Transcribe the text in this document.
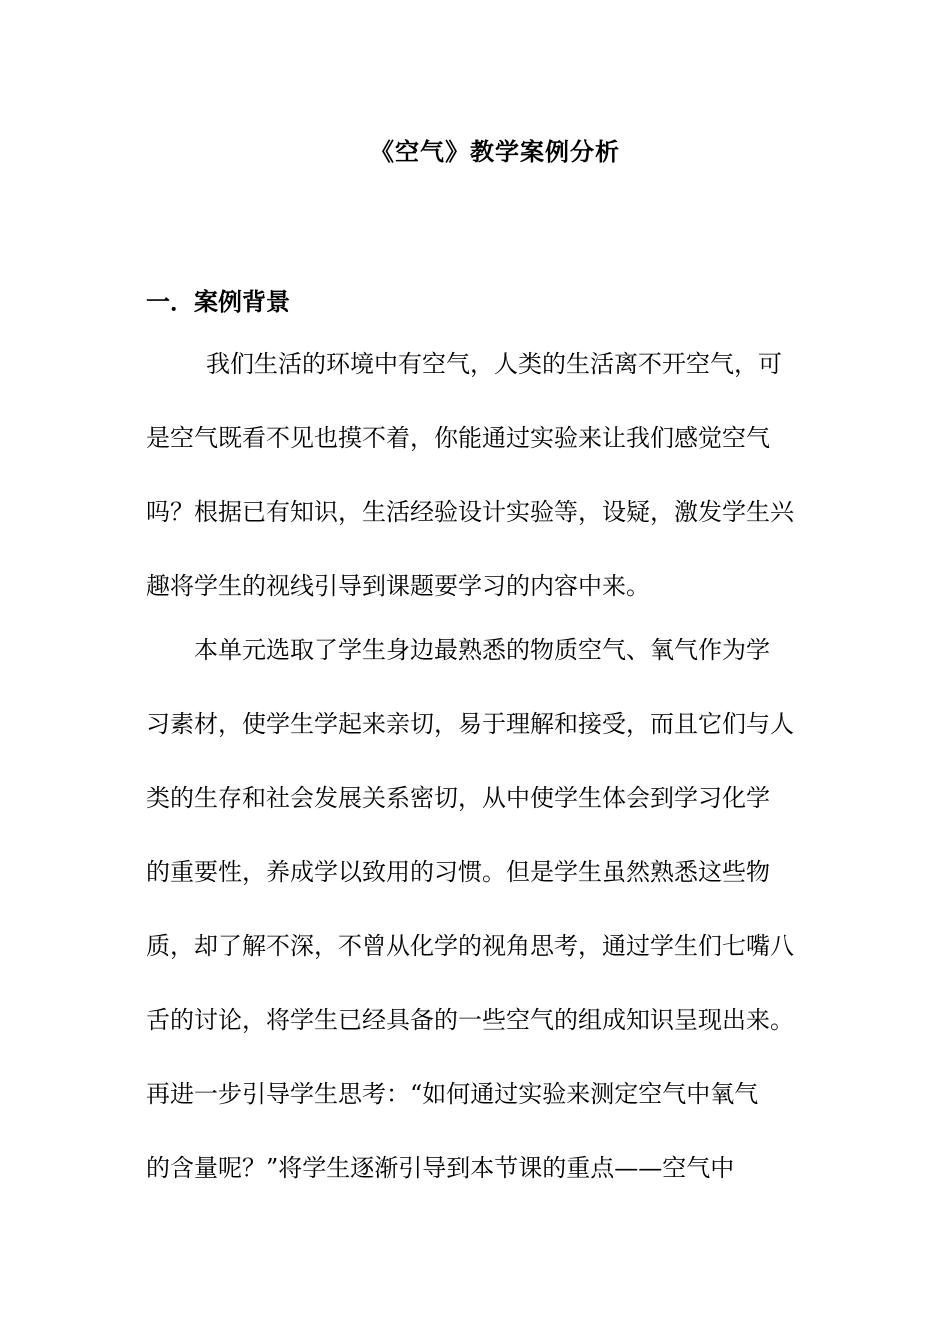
《空气》教学案例分析
一．案例背景
我们生活的环境中有空气，人类的生活离不开空气，可
是空气既看不见也摸不着，你能通过实验来让我们感觉空气
吗？根据已有知识，生活经验设计实验等，设疑，激发学生兴
趣将学生的视线引导到课题要学习的内容中来。
本单元选取了学生身边最熟悉的物质空气、氧气作为学
习素材，使学生学起来亲切，易于理解和接受，而且它们与人
类的生存和社会发展关系密切，从中使学生体会到学习化学
的重要性，养成学以致用的习惯。但是学生虽然熟悉这些物
质，却了解不深，不曾从化学的视角思考，通过学生们七嘴八
舌的讨论，将学生已经具备的一些空气的组成知识呈现出来。
再进一步引导学生思考：“如何通过实验来测定空气中氧气
的含量呢？”将学生逐渐引导到本节课的重点——空气中
